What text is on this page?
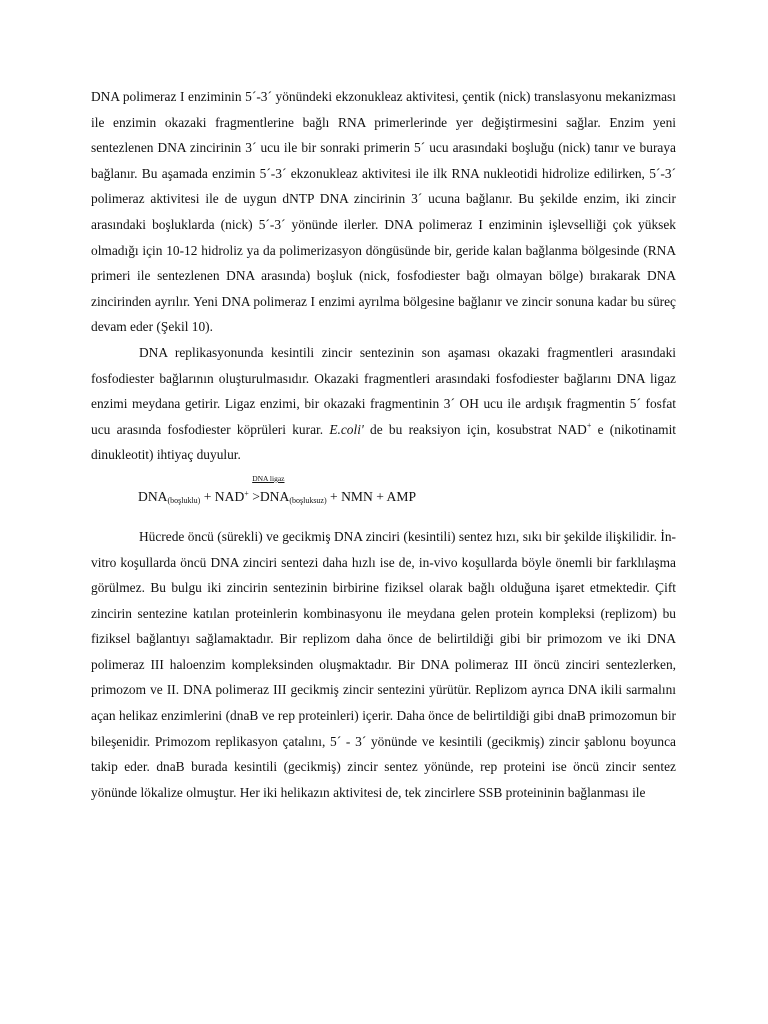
DNA polimeraz I enziminin 5´-3´ yönündeki ekzonukleaz aktivitesi, çentik (nick) translasyonu mekanizması ile enzimin okazaki fragmentlerine bağlı RNA primerlerinde yer değiştirmesini sağlar. Enzim yeni sentezlenen DNA zincirinin 3´ ucu ile bir sonraki primerin 5´ ucu arasındaki boşluğu (nick) tanır ve buraya bağlanır. Bu aşamada enzimin 5´-3´ ekzonukleaz aktivitesi ile ilk RNA nukleotidi hidrolize edilirken, 5´-3´ polimeraz aktivitesi ile de uygun dNTP DNA zincirinin 3´ ucuna bağlanır. Bu şekilde enzim, iki zincir arasındaki boşluklarda (nick) 5´-3´ yönünde ilerler. DNA polimeraz I enziminin işlevselliği çok yüksek olmadığı için 10-12 hidroliz ya da polimerizasyon döngüsünde bir, geride kalan bağlanma bölgesinde (RNA primeri ile sentezlenen DNA arasında) boşluk (nick, fosfodiester bağı olmayan bölge) bırakarak DNA zincirinden ayrılır. Yeni DNA polimeraz I enzimi ayrılma bölgesine bağlanır ve zincir sonuna kadar bu süreç devam eder (Şekil 10).

DNA replikasyonunda kesintili zincir sentezinin son aşaması okazaki fragmentleri arasındaki fosfodiester bağlarının oluşturulmasıdır. Okazaki fragmentleri arasındaki fosfodiester bağlarını DNA ligaz enzimi meydana getirir. Ligaz enzimi, bir okazaki fragmentinin 3´ OH ucu ile ardışık fragmentin 5´ fosfat ucu arasında fosfodiester köprüleri kurar. E.coli' de bu reaksiyon için, kosubstrat NAD+ e (nikotinamit dinukleotit) ihtiyaç duyulur.

$DNA_{(boşluklu)} + NAD^+$
DNA ligaz
$>DNA_{(boşluksuz)}$ + NMN + AMP

Hücrede öncü (sürekli) ve gecikmiş DNA zinciri (kesintili) sentez hızı, sıkı bir şekilde ilişkilidir. İn-vitro koşullarda öncü DNA zinciri sentezi daha hızlı ise de, in-vivo koşullarda böyle önemli bir farklılaşma görülmez. Bu bulgu iki zincirin sentezinin birbirine fiziksel olarak bağlı olduğuna işaret etmektedir. Çift zincirin sentezine katılan proteinlerin kombinasyonu ile meydana gelen protein kompleksi (replizom) bu fiziksel bağlantıyı sağlamaktadır. Bir replizom daha önce de belirtildiği gibi bir primozom ve iki DNA polimeraz III haloenzim kompleksinden oluşmaktadır. Bir DNA polimeraz III öncü zinciri sentezlerken, primozom ve II. DNA polimeraz III gecikmiş zincir sentezini yürütür. Replizom ayrıca DNA ikili sarmalını açan helikaz enzimlerini (dnaB ve rep proteinleri) içerir. Daha önce de belirtildiği gibi dnaB primozomun bir bileşenidir. Primozom replikasyon çatalını, 5´ - 3´ yönünde ve kesintili (gecikmiş) zincir şablonu boyunca takip eder. dnaB burada kesintili (gecikmiş) zincir sentez yönünde, rep proteini ise öncü zincir sentez yönünde lökalize olmuştur. Her iki helikazın aktivitesi de, tek zincirlere SSB proteininin bağlanması ile
